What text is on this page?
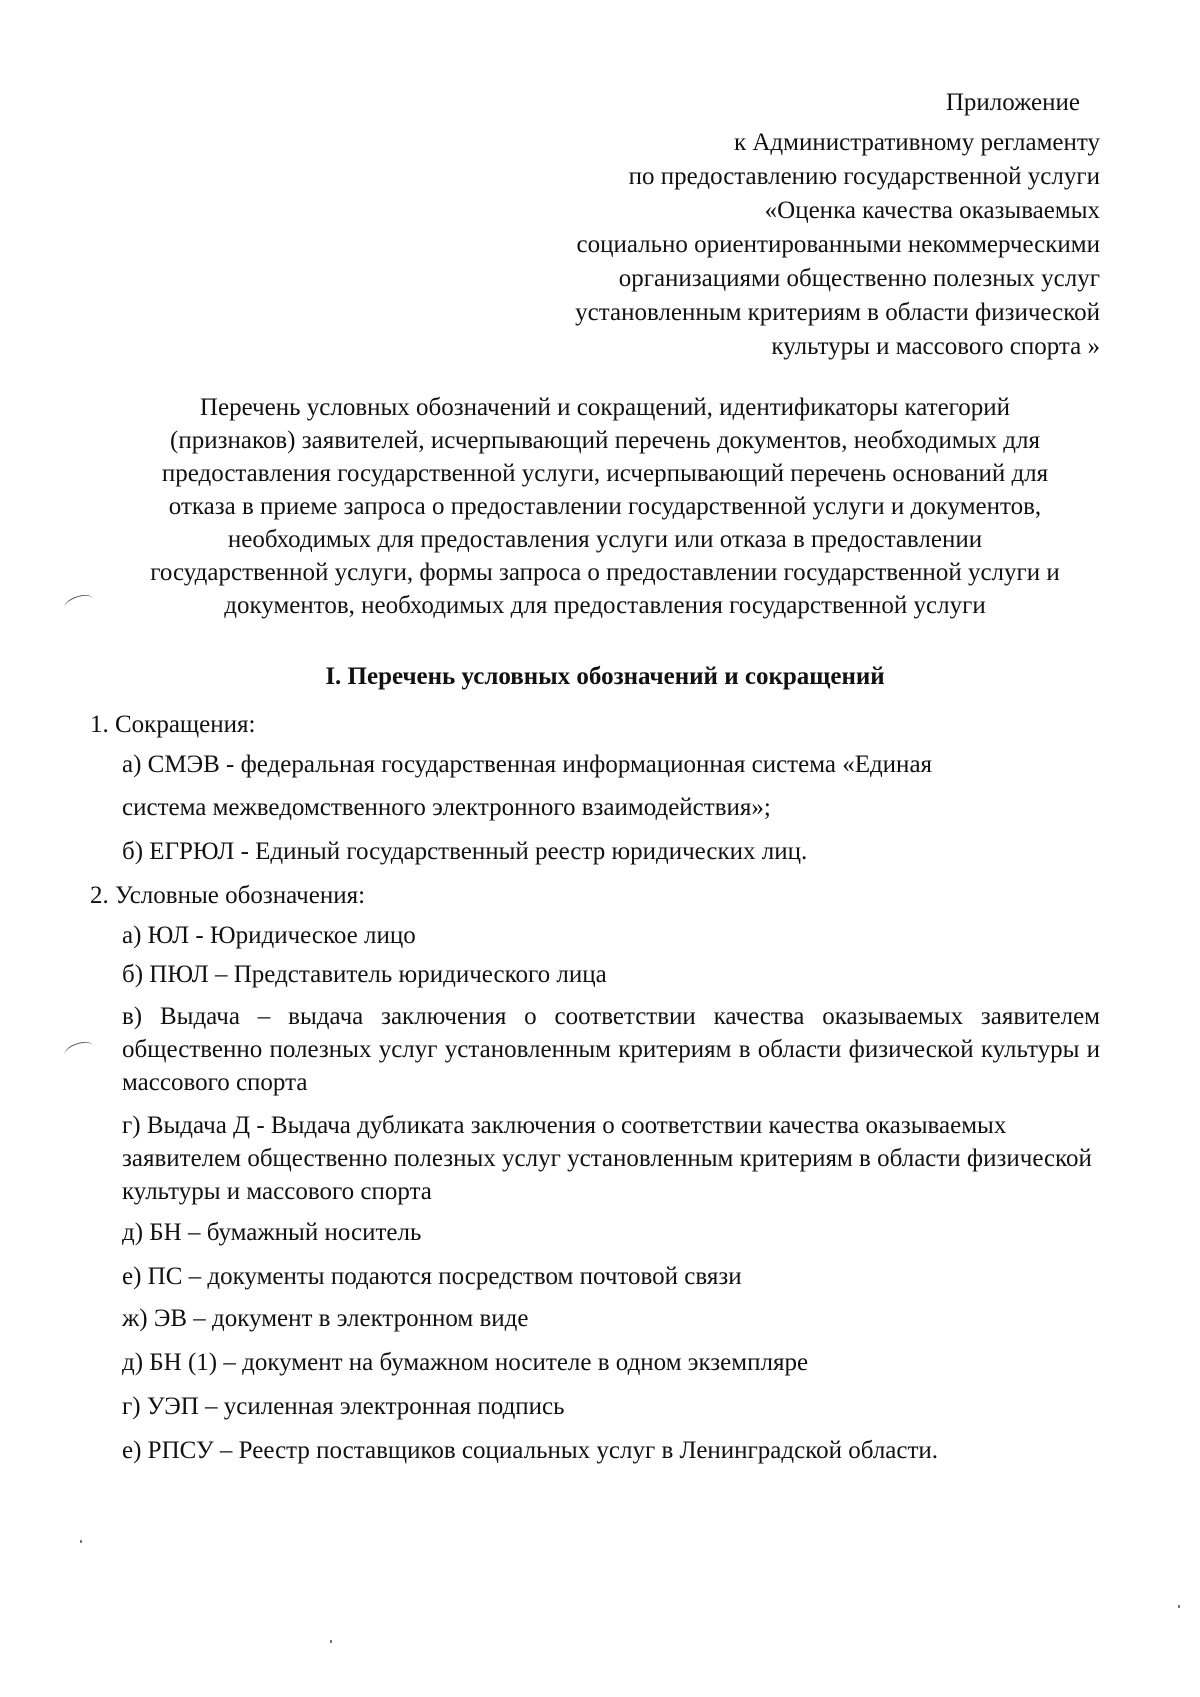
Приложение
к Административному регламенту
по предоставлению государственной услуги
«Оценка качества оказываемых
социально ориентированными некоммерческими
организациями общественно полезных услуг
установленным критериям в области физической
культуры и массового спорта »
Перечень условных обозначений и сокращений, идентификаторы категорий
(признаков) заявителей, исчерпывающий перечень документов, необходимых для
предоставления государственной услуги, исчерпывающий перечень оснований для
отказа в приеме запроса о предоставлении государственной услуги и документов,
необходимых для предоставления услуги или отказа в предоставлении
государственной услуги, формы запроса о предоставлении государственной услуги и
документов, необходимых для предоставления государственной услуги
I. Перечень условных обозначений и сокращений
1. Сокращения:
а) СМЭВ - федеральная государственная информационная система «Единая
система межведомственного электронного взаимодействия»;
б) ЕГРЮЛ - Единый государственный реестр юридических лиц.
2. Условные обозначения:
а) ЮЛ - Юридическое лицо
б) ПЮЛ – Представитель юридического лица
в) Выдача – выдача заключения о соответствии качества оказываемых заявителем общественно полезных услуг установленным критериям в области физической культуры и массового спорта
г) Выдача Д - Выдача дубликата заключения о соответствии качества оказываемых заявителем общественно полезных услуг установленным критериям в области физической культуры и массового спорта
д) БН – бумажный носитель
е) ПС – документы подаются посредством почтовой связи
ж) ЭВ – документ в электронном виде
д) БН (1) – документ на бумажном носителе в одном экземпляре
г) УЭП – усиленная электронная подпись
е) РПСУ – Реестр поставщиков социальных услуг в Ленинградской области.
